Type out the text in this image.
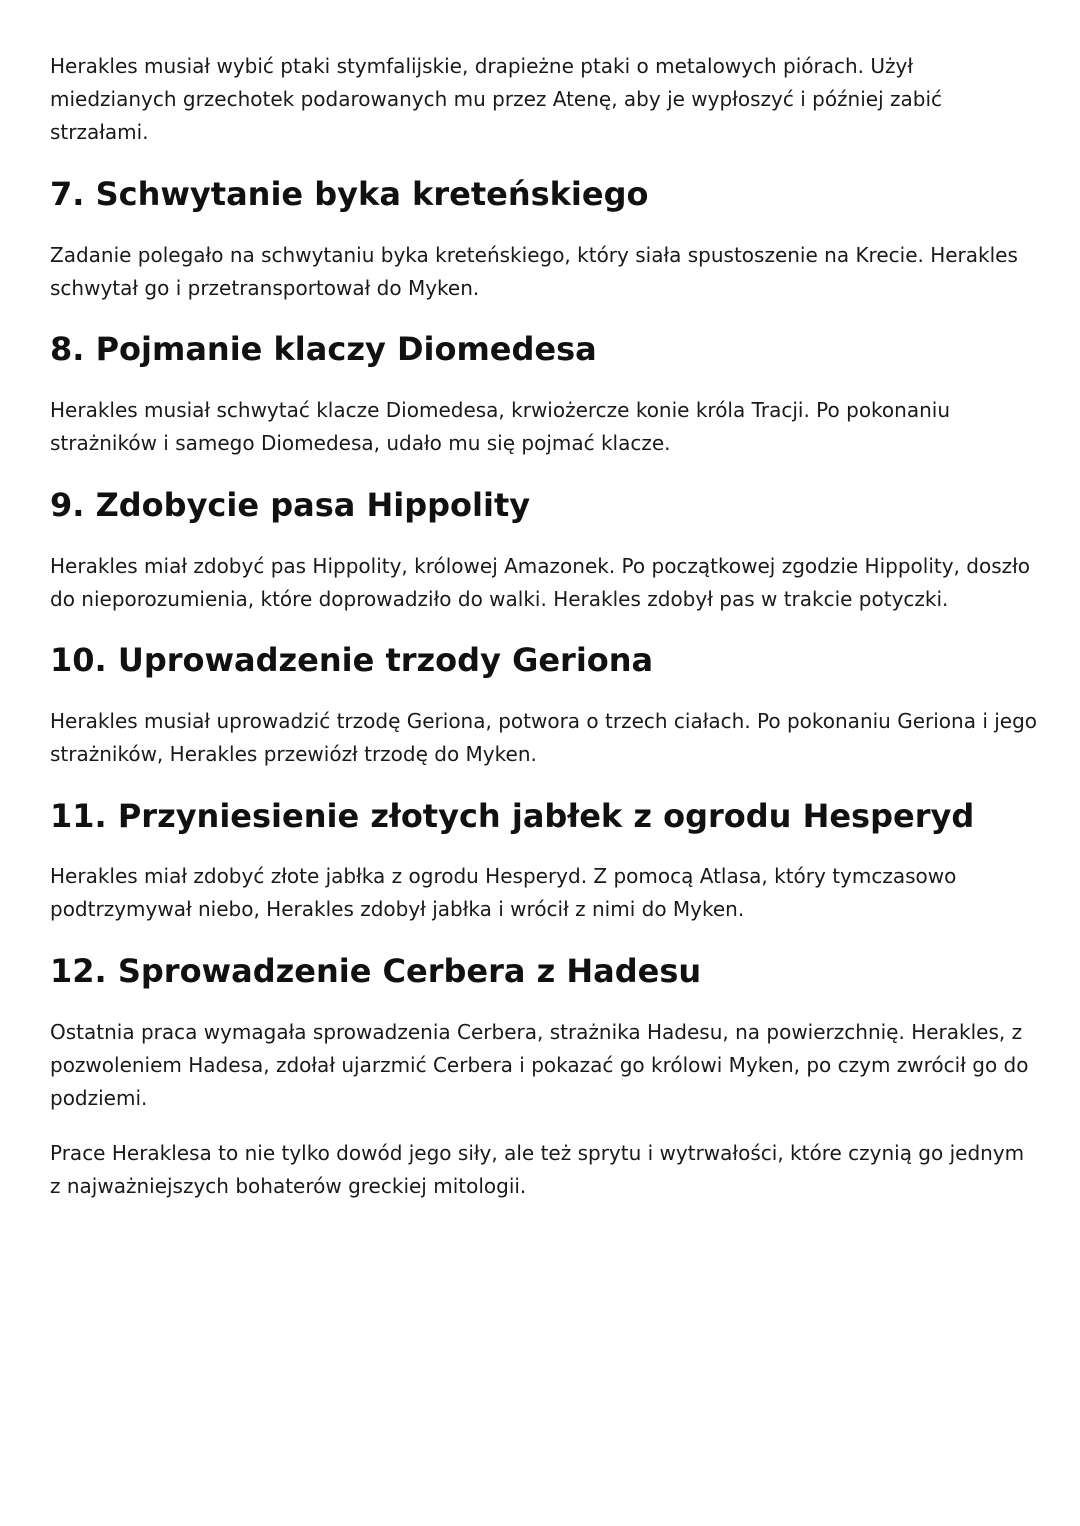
Herakles musiał wybić ptaki stymfalijskie, drapieżne ptaki o metalowych piórach. Użył miedzianych grzechotek podarowanych mu przez Atenę, aby je wypłoszyć i później zabić strzałami.

7. Schwytanie byka kreteńskiego

Zadanie polegało na schwytaniu byka kreteńskiego, który siała spustoszenie na Krecie. Herakles schwytał go i przetransportował do Myken.

8. Pojmanie klaczy Diomedesa

Herakles musiał schwytać klacze Diomedesa, krwiożercze konie króla Tracji. Po pokonaniu strażników i samego Diomedesa, udało mu się pojmać klacze.

9. Zdobycie pasa Hippolity

Herakles miał zdobyć pas Hippolity, królowej Amazonek. Po początkowej zgodzie Hippolity, doszło do nieporozumienia, które doprowadziło do walki. Herakles zdobył pas w trakcie potyczki.

10. Uprowadzenie trzody Geriona

Herakles musiał uprowadzić trzodę Geriona, potwora o trzech ciałach. Po pokonaniu Geriona i jego strażników, Herakles przewiózł trzodę do Myken.

11. Przyniesienie złotych jabłek z ogrodu Hesperyd

Herakles miał zdobyć złote jabłka z ogrodu Hesperyd. Z pomocą Atlasa, który tymczasowo podtrzymywał niebo, Herakles zdobył jabłka i wrócił z nimi do Myken.

12. Sprowadzenie Cerbera z Hadesu

Ostatnia praca wymagała sprowadzenia Cerbera, strażnika Hadesu, na powierzchnię. Herakles, z pozwoleniem Hadesa, zdołał ujarzmić Cerbera i pokazać go królowi Myken, po czym zwrócił go do podziemi.

Prace Heraklesa to nie tylko dowód jego siły, ale też sprytu i wytrwałości, które czynią go jednym z najważniejszych bohaterów greckiej mitologii.
